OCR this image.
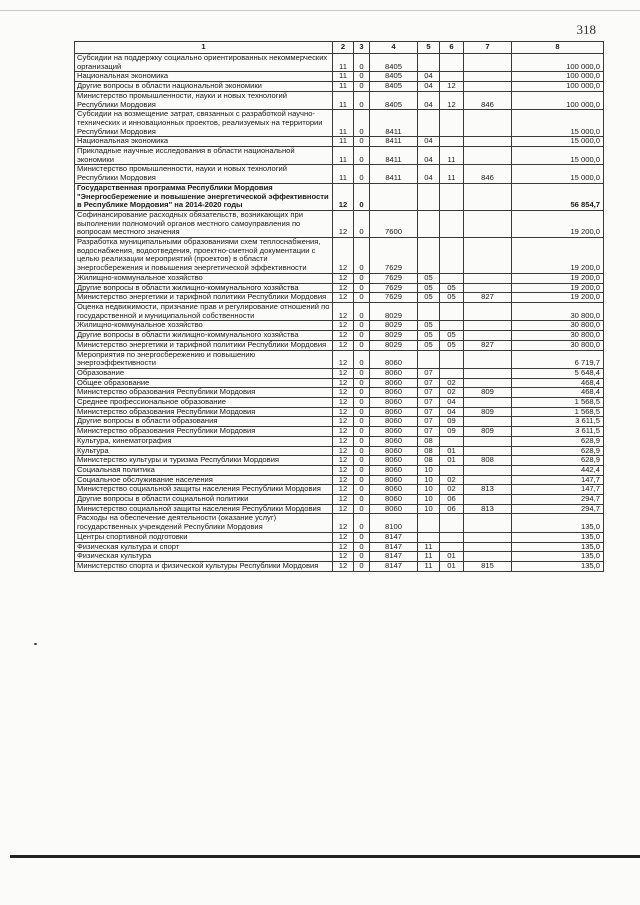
318
1	2	3	4	5	6	7	8
Субсидии на поддержку социально ориентированных некоммерческих организаций	11	0	8405				100 000,0
Национальная экономика	11	0	8405	04			100 000,0
Другие вопросы в области национальной экономики	11	0	8405	04	12		100 000,0
Министерство промышленности, науки и новых технологий Республики Мордовия	11	0	8405	04	12	846	100 000,0
Субсидии на возмещение затрат, связанных с разработкой научно-технических и инновационных проектов, реализуемых на территории Республики Мордовия	11	0	8411				15 000,0
Национальная экономика	11	0	8411	04			15 000,0
Прикладные научные исследования в области национальной экономики	11	0	8411	04	11		15 000,0
Министерство промышленности, науки и новых технологий Республики Мордовия	11	0	8411	04	11	846	15 000,0
Государственная программа Республики Мордовия "Энергосбережение и повышение энергетической эффективности в Республике Мордовия" на 2014-2020 годы	12	0					56 854,7
Софинансирование расходных обязательств, возникающих при выполнении полномочий органов местного самоуправления по вопросам местного значения	12	0	7600				19 200,0
Разработка муниципальными образованиями схем теплоснабжения, водоснабжения, водоотведения, проектно-сметной документации с целью реализации мероприятий (проектов) в области энергосбережения и повышения энергетической эффективности	12	0	7629				19 200,0
Жилищно-коммунальное хозяйство	12	0	7629	05			19 200,0
Другие вопросы в области жилищно-коммунального хозяйства	12	0	7629	05	05		19 200,0
Министерство энергетики и тарифной политики Республики Мордовия	12	0	7629	05	05	827	19 200,0
Оценка недвижимости, признание прав и регулирование отношений по государственной и муниципальной собственности	12	0	8029				30 800,0
Жилищно-коммунальное хозяйство	12	0	8029	05			30 800,0
Другие вопросы в области жилищно-коммунального хозяйства	12	0	8029	05	05		30 800,0
Министерство энергетики и тарифной политики Республики Мордовия	12	0	8029	05	05	827	30 800,0
Мероприятия по энергосбережению и повышению энергоэффективности	12	0	8060				6 719,7
Образование	12	0	8060	07			5 648,4
Общее образование	12	0	8060	07	02		468,4
Министерство образования Республики Мордовия	12	0	8060	07	02	809	468,4
Среднее профессиональное образование	12	0	8060	07	04		1 568,5
Министерство образования Республики Мордовия	12	0	8060	07	04	809	1 568,5
Другие вопросы в области образования	12	0	8060	07	09		3 611,5
Министерство образования Республики Мордовия	12	0	8060	07	09	809	3 611,5
Культура, кинематография	12	0	8060	08			628,9
Культура	12	0	8060	08	01		628,9
Министерство культуры и туризма Республики Мордовия	12	0	8060	08	01	808	628,9
Социальная политика	12	0	8060	10			442,4
Социальное обслуживание населения	12	0	8060	10	02		147,7
Министерство социальной защиты населения Республики Мордовия	12	0	8060	10	02	813	147,7
Другие вопросы в области социальной политики	12	0	8060	10	06		294,7
Министерство социальной защиты населения Республики Мордовия	12	0	8060	10	06	813	294,7
Расходы на обеспечение деятельности (оказание услуг) государственных учреждений Республики Мордовия	12	0	8100				135,0
Центры спортивной подготовки	12	0	8147				135,0
Физическая культура и спорт	12	0	8147	11			135,0
Физическая культура	12	0	8147	11	01		135,0
Министерство спорта и физической культуры Республики Мордовия	12	0	8147	11	01	815	135,0
